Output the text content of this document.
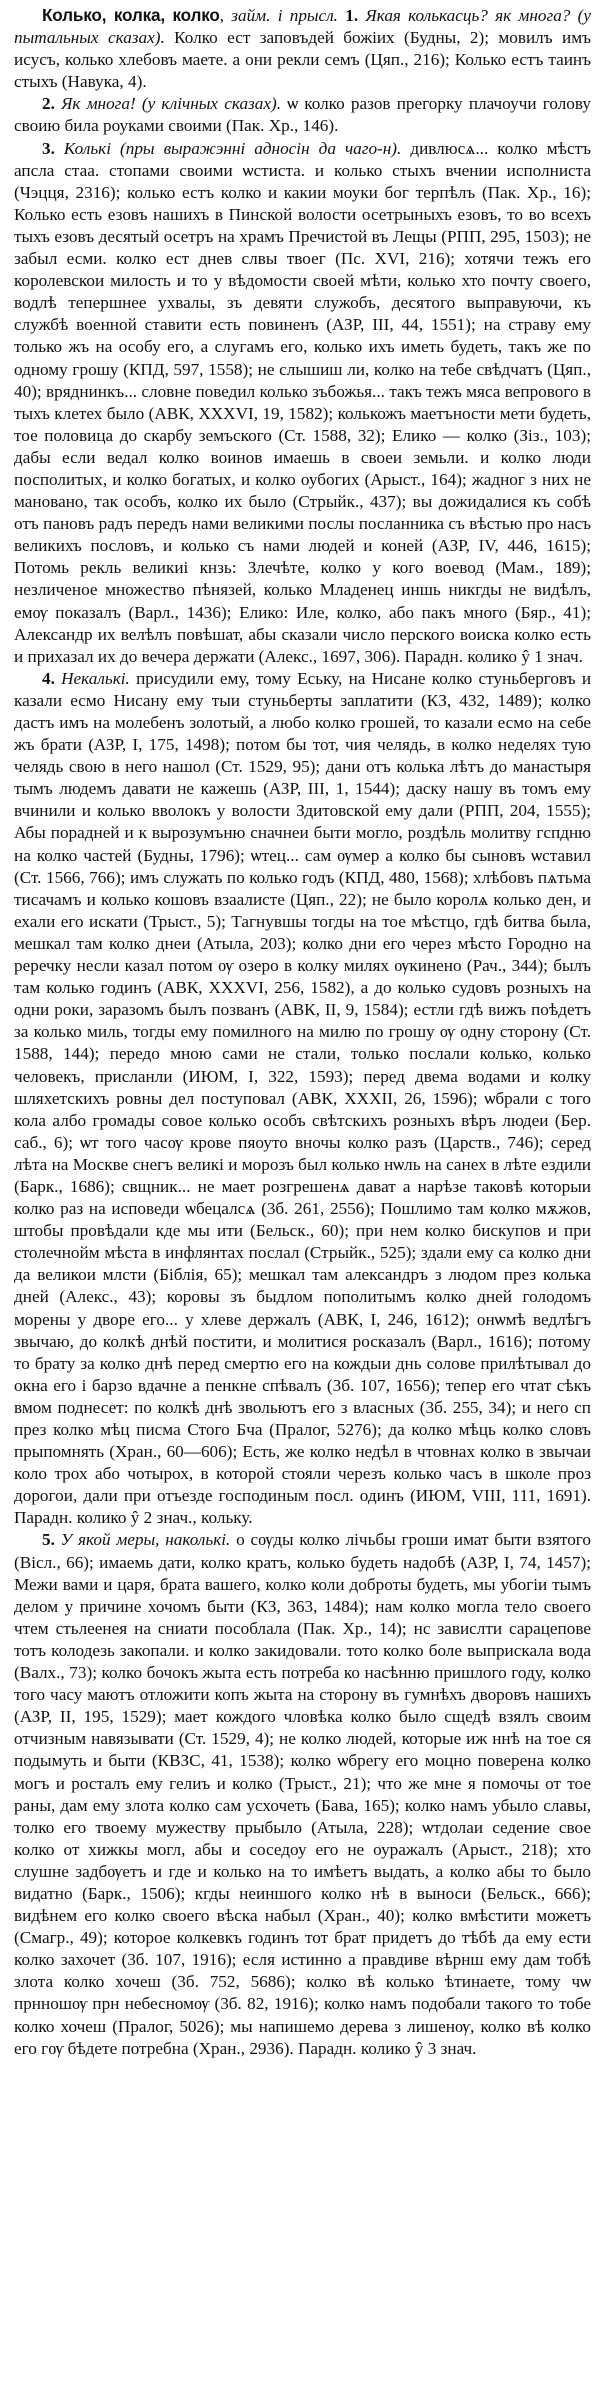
Колько, колка, колко, займ. і прысл. 1. Якая колькасць? як многа? (у пытальных сказах). Колко ест заповъдей божіих (Будны, 2); мовилъ имъ исусъ, колько хлебовъ маете. а они рекли семъ (Цяп., 216); Колько естъ таинъ стыхъ (Навука, 4).

2. Як многа! (у клічных сказах). ѡ колко разов прегорку плачоучи голову своию била роуками своими (Пак. Хр., 146).

3. Колькі (пры выражэнні адносін да чаго-н). дивлюсѧ... колко мѣстъ апсла стаа. стопами своими ѡстиста. и колько стыхъ вчении исполниста (Чэцця, 2316); колько естъ колко и какии моуки бог терпѣлъ (Пак. Хр., 16); Колько есть езовъ нашихъ в Пинской волости осетрыныхъ езовъ, то во всехъ тыхъ езовъ десятый осетръ на храмъ Пречистой въ Лещы (РПП, 295, 1503); не забыл есми. колко ест днев слвы твоег (Пс. XVI, 216); хотячи тежъ его королевскои милость и то у вѣдомости своей мѣти, колько хто почту своего, водлѣ тепершнее ухвалы, зъ девяти служобъ, десятого выправуючи, къ службѣ военной ставити есть повиненъ (АЗР, III, 44, 1551); на страву ему только жъ на особу его, а слугамъ его, колько ихъ иметь будеть, такъ же по одному грошу (КПД, 597, 1558); не слышиш ли, колко на тебе свѣдчатъ (Цяп., 40); вряднинкъ... словне поведил колько зъбожья... такъ тежъ мяса вепрового в тыхъ клетех было (АВК, XXXVI, 19, 1582); колькожъ маетъности мети будеть, тое половица до скарбу земъского (Ст. 1588, 32); Елико — колко (Зіз., 103); дабы если ведал колко воинов имаешь в своеи земьли. и колко люди посполитых, и колко богатых, и колко оубогих (Арыст., 164); жадног з них не мановано, так особъ, колко их было (Стрыйк., 437); вы дожидалися къ собѣ отъ пановъ радъ передъ нами великими послы посланника съ вѣстью про насъ великихъ пословъ, и колько съ нами людей и коней (АЗР, IV, 446, 1615); Потомь рекль великиі кнзь: Злечѣте, колко у кого воевод (Мам., 189); незличеное множество пѣнязей, колько Младенец иншь никгды не видѣлъ, емѹ показалъ (Варл., 1436); Елико: Иле, колко, або пакъ много (Бяр., 41); Александр их велѣлъ повѣшат, абы сказали число перского воиска колко есть и прихазал их до вечера держати (Алекс., 1697, 306). Парадн. колико ŷ 1 знач.

4. Некалькі. присудили ему, тому Еську, на Нисане колко стуньберговъ и казали есмо Нисану ему тыи стуньберты заплатити (КЗ, 432, 1489); колко дастъ имъ на молебенъ золотый, а любо колко грошей, то казали есмо на себе жъ брати (АЗР, I, 175, 1498); потом бы тот, чия челядь, в колко неделях тую челядь свою в него нашол (Ст. 1529, 95); дани отъ колька лѣтъ до манастыря тымъ людемъ давати не кажешь (АЗР, III, 1, 1544); даску нашу въ томъ ему вчинили и колько вволокъ у волости Здитовской ему дали (РПП, 204, 1555); Абы порадней и к вырозумъню сначнеи быти могло, роздѣль молитву гспдню на колко частей (Будны, 1796); ѡтец... сам ѹмер а колко бы сыновъ ѡставил (Ст. 1566, 766); имъ служать по колько годъ (КПД, 480, 1568); хлѣбовъ пѧтьма тисачамъ и колько кошовъ взаалисте (Цяп., 22); не было королѧ колько ден, и ехали его искати (Трыст., 5); Тагнувшы тогды на тое мѣстцо, гдѣ битва была, мешкал там колко днеи (Атыла, 203); колко дни его через мѣсто Городно на реречку несли казал потом ѹ озеро в колку милях ѹкинено (Рач., 344); былъ там колько годинъ (АВК, XXXVI, 256, 1582), а до колько судовъ розныхъ на одни роки, заразомъ былъ позванъ (АВК, II, 9, 1584); естли гдѣ вижъ поѣдетъ за колько миль, тогды ему помилного на милю по грошу ѹ одну сторону (Ст. 1588, 144); передо мною сами не стали, только послали колько, колько человекъ, присланли (ИЮМ, I, 322, 1593); перед двема водами и колку шляхетскихъ ровны дел поступовал (АВК, XXXII, 26, 1596); ѡбрали с того кола албо громады совое колько особъ свѣтскихъ розныхъ вѣръ людеи (Бер. саб., 6); ѡт того часѹ крове пяоуто вночы колко разъ (Царств., 746); серед лѣта на Москве снегъ великі и морозъ был колько нѡль на санех в лѣте ездили (Барк., 1686); свщник... не мает розгрешенѧ дават а нарѣзе таковѣ которыи колко раз на исповеди ѡбецалсѧ (3б. 261, 2556); Пошлимо там колко мѫжов, штобы провѣдали кде мы ити (Бельск., 60); при нем колко бискупов и при столечнойм мѣста в инфлянтах послал (Стрыйк., 525); здали ему са колко дни да великои млсти (Біблія, 65); мешкал там александръ з людом през колька дней (Алекс., 43); коровы зъ быдлом пополитымъ колко дней голодомъ морены у дворе его... у хлеве держалъ (АВК, I, 246, 1612); онѡмѣ ведлѣгъ звычаю, до колкѣ днѣй постити, и молитися росказалъ (Варл., 1616); потому то брату за колко днѣ перед смертю его на кождыи днь солове прилѣтывал до окна его і барзо вдачне а пенкне спѣвалъ (3б. 107, 1656); тепер его чтат сѣкъ вмом поднесет: по колкѣ днѣ звольютъ его з власных (3б. 255, 34); и него сп през колко мѣц писма Стого Бча (Пралог, 5276); да колко мѣць колко словъ прыпомнять (Хран., 60—606); Есть, же колко недѣл в чтовнах колко в звычаи коло трох або чотырох, в которой стояли черезъ колько часъ в школе проз дорогои, дали при отъезде господиным посл. одинъ (ИЮМ, VIII, 111, 1691). Парадн. колико ŷ 2 знач., кольку.

5. У якой меры, наколькі. о сѹды колко лічьбы гроши имат быти взятого (Вісл., 66); имаемь дати, колко кратъ, колько будеть надобѣ (АЗР, I, 74, 1457); Межи вами и царя, брата вашего, колко коли доброты будеть, мы убогіи тымъ делом у причине хочомъ быти (КЗ, 363, 1484); нам колко могла тело своего чтем стьлеенея на сниати пособлала (Пак. Хр., 14); нс завислти сарацепове тотъ колодезь закопали. и колко закидовали. тото колко боле выприскала вода (Валх., 73); колко бочокъ жыта есть потреба ко насѣнню пришлого году, колко того часу маютъ отложити копъ жыта на сторону въ гумнѣхъ дворовъ нашихъ (АЗР, II, 195, 1529); мает кождого чловѣка колко было сщедѣ взялъ своим отчизным навязывати (Ст. 1529, 4); не колко людей, которые иж ннѣ на тое ся подымуть и быти (КВЗС, 41, 1538); колко ѡбрегу его моцно поверена колко могъ и росталъ ему гелиъ и колко (Трыст., 21); что же мне я помочы от тое раны, дам ему злота колко сам усхочеть (Бава, 165); колко намъ убыло славы, толко его твоему мужеству прыбыло (Атыла, 228); ѡтдолаи седение свое колко от хижкы могл, абы и соседоу его не оуражалъ (Арыст., 218); хто слушне задбѹетъ и где и колько на то имѣетъ выдать, а колко абы то было видатно (Барк., 1506); кгды неиншого колко нѣ в выноси (Бельск., 666); видѣнем его колко своего вѣска набыл (Хран., 40); колко вмѣстити можетъ (Смагр., 49); которое колкевкъ годинъ тот брат придетъ до тѣбѣ да ему ести колко захочет (3б. 107, 1916); есля истинно а правдиве вѣрнш ему дам тобѣ злота колко хочеш (3б. 752, 5686); колко вѣ колько ѣтинаете, тому чѡ прнношѹ прн небесномѹ (3б. 82, 1916); колко намъ подобали такого то тобе колко хочеш (Пралог, 5026); мы напишемо дерева з лишенѹ, колко вѣ колко его гѹ бѣдете потребна (Хран., 2936). Парадн. колико ŷ 3 знач.
